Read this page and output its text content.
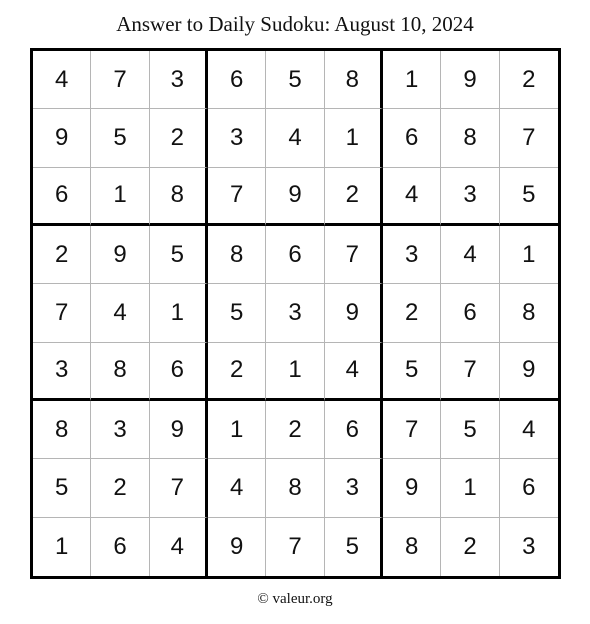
Answer to Daily Sudoku: August 10, 2024
4	7	3	6	5	8	1	9	2
9	5	2	3	4	1	6	8	7
6	1	8	7	9	2	4	3	5
2	9	5	8	6	7	3	4	1
7	4	1	5	3	9	2	6	8
3	8	6	2	1	4	5	7	9
8	3	9	1	2	6	7	5	4
5	2	7	4	8	3	9	1	6
1	6	4	9	7	5	8	2	3
© valeur.org
